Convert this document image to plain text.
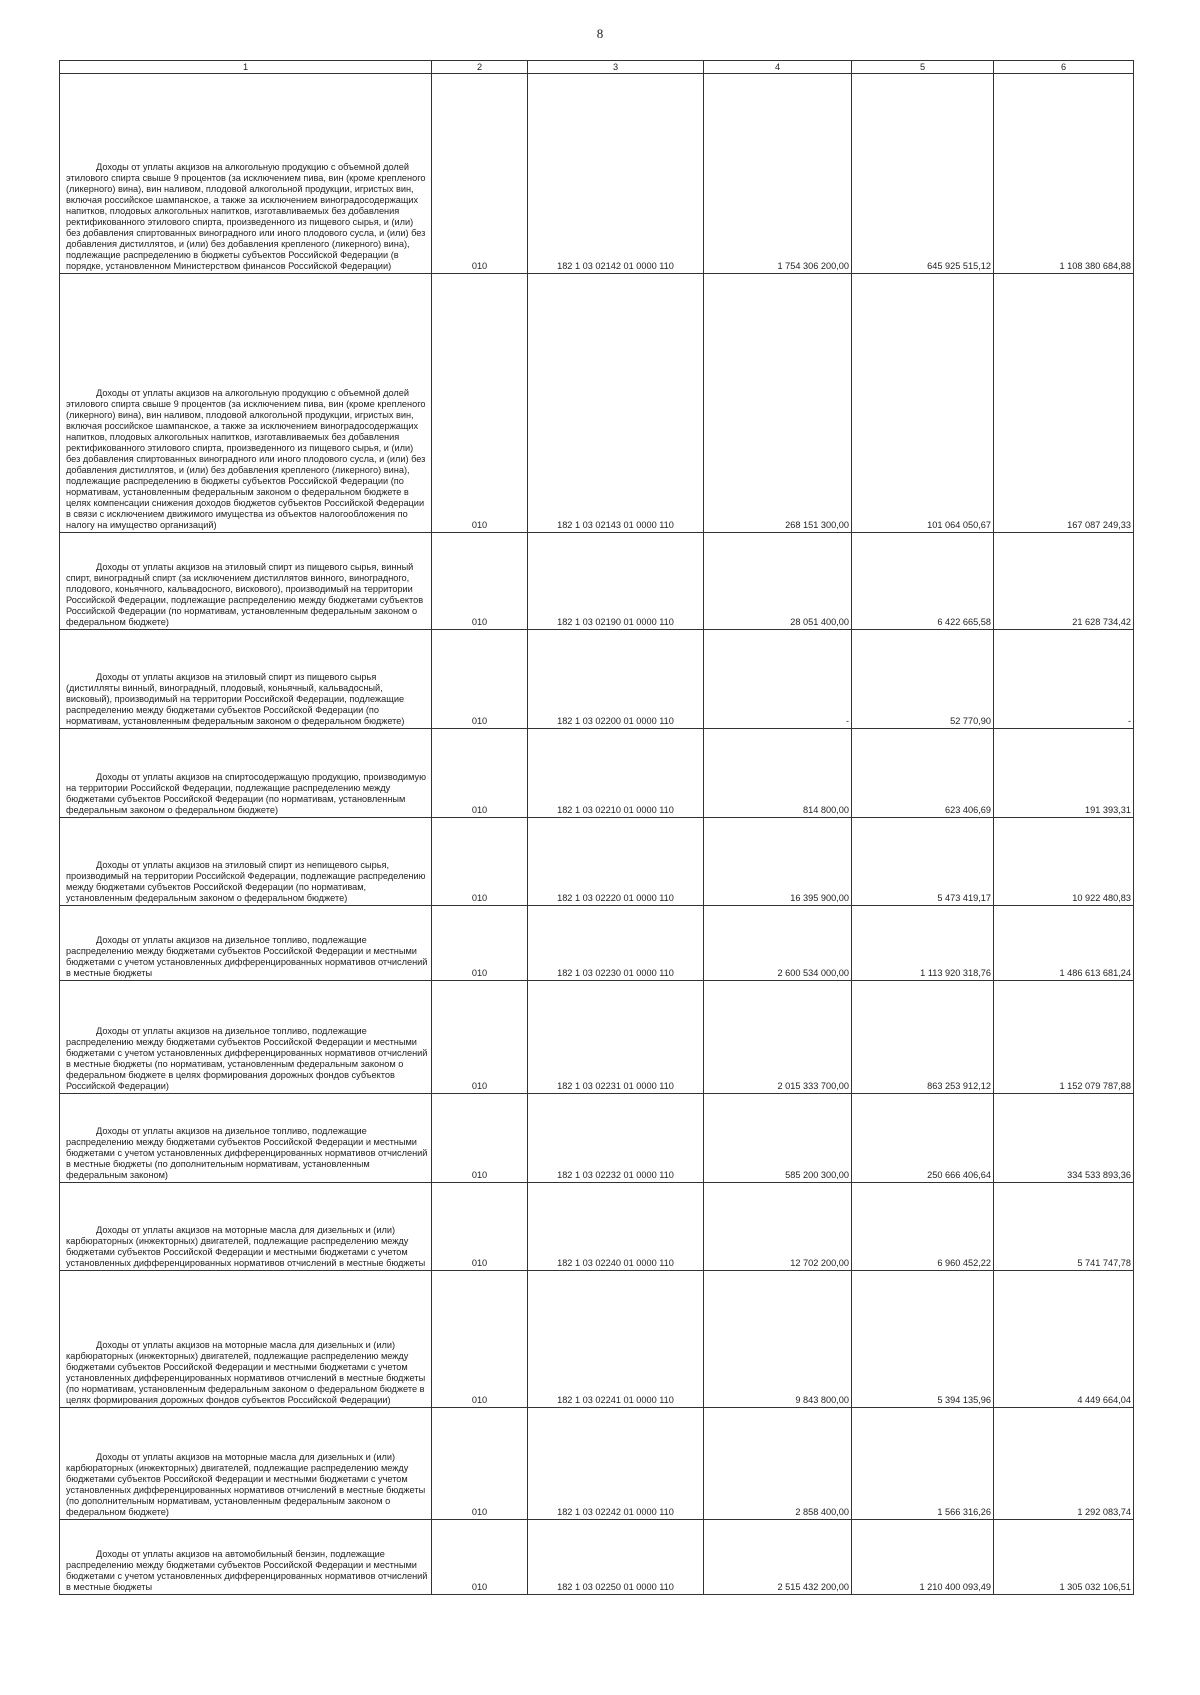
8
1	2	3	4	5	6

Доходы от уплаты акцизов на алкогольную продукцию с объемной долей этилового спирта свыше 9 процентов (за исключением пива, вин (кроме крепленого (ликерного) вина), вин наливом, плодовой алкогольной продукции, игристых вин, включая российское шампанское, а также за исключением виноградосодержащих напитков, плодовых алкогольных напитков, изготавливаемых без добавления ректификованного этилового спирта, произведенного из пищевого сырья, и (или) без добавления спиртованных виноградного или иного плодового сусла, и (или) без добавления дистиллятов, и (или) без добавления крепленого (ликерного) вина), подлежащие распределению в бюджеты субъектов Российской Федерации (в порядке, установленном Министерством финансов Российской Федерации)	010	182 1 03 02142 01 0000 110	1 754 306 200,00	645 925 515,12	1 108 380 684,88

Доходы от уплаты акцизов на алкогольную продукцию с объемной долей этилового спирта свыше 9 процентов (за исключением пива, вин (кроме крепленого (ликерного) вина), вин наливом, плодовой алкогольной продукции, игристых вин, включая российское шампанское, а также за исключением виноградосодержащих напитков, плодовых алкогольных напитков, изготавливаемых без добавления ректификованного этилового спирта, произведенного из пищевого сырья, и (или) без добавления спиртованных виноградного или иного плодового сусла, и (или) без добавления дистиллятов, и (или) без добавления крепленого (ликерного) вина), подлежащие распределению в бюджеты субъектов Российской Федерации (по нормативам, установленным федеральным законом о федеральном бюджете в целях компенсации снижения доходов бюджетов субъектов Российской Федерации в связи с исключением движимого имущества из объектов налогообложения по налогу на имущество организаций)	010	182 1 03 02143 01 0000 110	268 151 300,00	101 064 050,67	167 087 249,33

Доходы от уплаты акцизов на этиловый спирт из пищевого сырья, винный спирт, виноградный спирт (за исключением дистиллятов винного, виноградного, плодового, коньячного, кальвадосного, вискового), производимый на территории Российской Федерации, подлежащие распределению между бюджетами субъектов Российской Федерации (по нормативам, установленным федеральным законом о федеральном бюджете)	010	182 1 03 02190 01 0000 110	28 051 400,00	6 422 665,58	21 628 734,42

Доходы от уплаты акцизов на этиловый спирт из пищевого сырья (дистилляты винный, виноградный, плодовый, коньячный, кальвадосный, висковый), производимый на территории Российской Федерации, подлежащие распределению между бюджетами субъектов Российской Федерации (по нормативам, установленным федеральным законом о федеральном бюджете)	010	182 1 03 02200 01 0000 110	-	52 770,90	-

Доходы от уплаты акцизов на спиртосодержащую продукцию, производимую на территории Российской Федерации, подлежащие распределению между бюджетами субъектов Российской Федерации (по нормативам, установленным федеральным законом о федеральном бюджете)	010	182 1 03 02210 01 0000 110	814 800,00	623 406,69	191 393,31

Доходы от уплаты акцизов на этиловый спирт из непищевого сырья, производимый на территории Российской Федерации, подлежащие распределению между бюджетами субъектов Российской Федерации (по нормативам, установленным федеральным законом о федеральном бюджете)	010	182 1 03 02220 01 0000 110	16 395 900,00	5 473 419,17	10 922 480,83

Доходы от уплаты акцизов на дизельное топливо, подлежащие распределению между бюджетами субъектов Российской Федерации и местными бюджетами с учетом установленных дифференцированных нормативов отчислений в местные бюджеты	010	182 1 03 02230 01 0000 110	2 600 534 000,00	1 113 920 318,76	1 486 613 681,24

Доходы от уплаты акцизов на дизельное топливо, подлежащие распределению между бюджетами субъектов Российской Федерации и местными бюджетами с учетом установленных дифференцированных нормативов отчислений в местные бюджеты (по нормативам, установленным федеральным законом о федеральном бюджете в целях формирования дорожных фондов субъектов Российской Федерации)	010	182 1 03 02231 01 0000 110	2 015 333 700,00	863 253 912,12	1 152 079 787,88

Доходы от уплаты акцизов на дизельное топливо, подлежащие распределению между бюджетами субъектов Российской Федерации и местными бюджетами с учетом установленных дифференцированных нормативов отчислений в местные бюджеты (по дополнительным нормативам, установленным федеральным законом)	010	182 1 03 02232 01 0000 110	585 200 300,00	250 666 406,64	334 533 893,36

Доходы от уплаты акцизов на моторные масла для дизельных и (или) карбюраторных (инжекторных) двигателей, подлежащие распределению между бюджетами субъектов Российской Федерации и местными бюджетами с учетом установленных дифференцированных нормативов отчислений в местные бюджеты	010	182 1 03 02240 01 0000 110	12 702 200,00	6 960 452,22	5 741 747,78

Доходы от уплаты акцизов на моторные масла для дизельных и (или) карбюраторных (инжекторных) двигателей, подлежащие распределению между бюджетами субъектов Российской Федерации и местными бюджетами с учетом установленных дифференцированных нормативов отчислений в местные бюджеты (по нормативам, установленным федеральным законом о федеральном бюджете в целях формирования дорожных фондов субъектов Российской Федерации)	010	182 1 03 02241 01 0000 110	9 843 800,00	5 394 135,96	4 449 664,04

Доходы от уплаты акцизов на моторные масла для дизельных и (или) карбюраторных (инжекторных) двигателей, подлежащие распределению между бюджетами субъектов Российской Федерации и местными бюджетами с учетом установленных дифференцированных нормативов отчислений в местные бюджеты (по дополнительным нормативам, установленным федеральным законом о федеральном бюджете)	010	182 1 03 02242 01 0000 110	2 858 400,00	1 566 316,26	1 292 083,74

Доходы от уплаты акцизов на автомобильный бензин, подлежащие распределению между бюджетами субъектов Российской Федерации и местными бюджетами с учетом установленных дифференцированных нормативов отчислений в местные бюджеты	010	182 1 03 02250 01 0000 110	2 515 432 200,00	1 210 400 093,49	1 305 032 106,51
